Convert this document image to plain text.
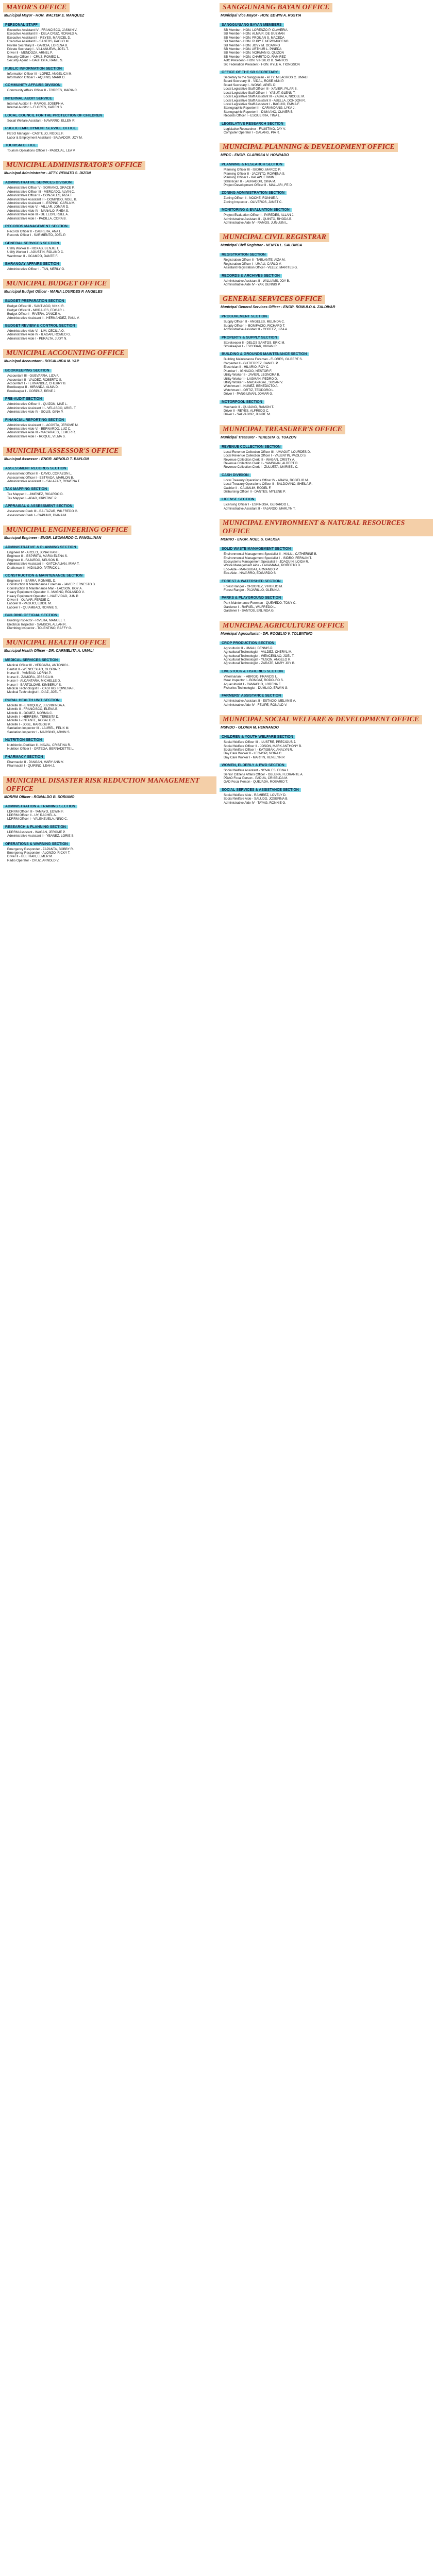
MAYOR'S OFFICE
Municipal Mayor - HON. WALTER E. MARQUEZ
PERSONAL STAFF
Executive Assistant IV - FRANCISCO, JASMIN V.
Executive Assistant III - DELA CRUZ, RONALD A.
Executive Assistant II - REYES, MARICEL D.
Executive Assistant I - SANTOS, PAOLO M.
Private Secretary II - GARCIA, LORENA B.
Private Secretary I - VILLANUEVA, JOEL T.
Driver II - MENDOZA, ARNEL P.
Security Officer I - CRUZ, ROMEO L.
Security Agent I - BAUTISTA, RAMIL S.
PUBLIC INFORMATION SECTION
Information Officer III - LOPEZ, ANGELICA M.
Information Officer I - AQUINO, MARK D.
COMMUNITY AFFAIRS DIVISION
Community Affairs Officer II - TORRES, MARIA C.
INTERNAL AUDIT SERVICE
Internal Auditor II - RAMOS, JOSEPH A.
Internal Auditor I - FLORES, KAREN S.
LOCAL COUNCIL FOR THE PROTECTION OF CHILDREN
Social Welfare Assistant - NAVARRO, ELLEN R.
PUBLIC EMPLOYMENT SERVICE OFFICE
PESO Manager - CASTILLO, RODEL F.
Labor & Employment Assistant - SALVADOR, JOY M.
TOURISM OFFICE
Tourism Operations Officer I - PASCUAL, LEA V.
MUNICIPAL ADMINISTRATOR'S OFFICE
Municipal Administrator - ATTY. RENATO S. DIZON
ADMINISTRATIVE SERVICES DIVISION
Administrative Officer V - SORIANO, GRACE P.
Administrative Officer III - MERCADO, ALVIN C.
Administrative Officer II - GONZALES, RIZA T.
Administrative Assistant III - DOMINGO, NOEL B.
Administrative Assistant II - ESPINO, CARLA M.
Administrative Aide VI - VILLAR, JOMAR D.
Administrative Aide IV - MANALO, RHEA S.
Administrative Aide III - DE LEON, RUEL A.
Administrative Aide I - PADILLA, CORA B.
RECORDS MANAGEMENT SECTION
Records Officer II - CABRERA, ANA L.
Records Officer I - SARMIENTO, JOEL P.
GENERAL SERVICES SECTION
Utility Worker II - ROXAS, BENJIE T.
Utility Worker I - AGUSTIN, ROLAND C.
Watchman II - OCAMPO, DANTE F.
BARANGAY AFFAIRS SECTION
Administrative Officer I - TAN, MERLY G.
MUNICIPAL BUDGET OFFICE
Municipal Budget Officer - MARIA LOURDES P. ANGELES
BUDGET PREPARATION SECTION
Budget Officer III - SANTIAGO, NIKKI R.
Budget Officer II - MORALES, EDGAR L.
Budget Officer I - RIVERA, JANICE A.
Administrative Assistant II - HERNANDEZ, PAUL V.
BUDGET REVIEW & CONTROL SECTION
Administrative Aide VI - LIM, CECILIA O.
Administrative Aide IV - ILAGAN, ROMEO G.
Administrative Aide I - PERALTA, JUDY N.
MUNICIPAL ACCOUNTING OFFICE
Municipal Accountant - ROSALINDA M. YAP
BOOKKEEPING SECTION
Accountant III - GUEVARRA, LIZA F.
Accountant II - VALDEZ, ROBERTO S.
Accountant I - FERNANDEZ, CHERRY B.
Bookkeeper II - MIRANDA, ALMA D.
Bookkeeper I - CORPUZ, RENE J.
PRE-AUDIT SECTION
Administrative Officer II - QUIZON, MAE L.
Administrative Assistant III - VELASCO, ARIEL T.
Administrative Aide IV - SOLIS, GINA P.
FINANCIAL REPORTING SECTION
Administrative Assistant II - ACOSTA, JEROME M.
Administrative Aide VI - BERNARDO, LUZ C.
Administrative Aide III - MACARAEG, ELMER R.
Administrative Aide I - ROQUE, VILMA S.
MUNICIPAL ASSESSOR'S OFFICE
Municipal Assessor - ENGR. ARNOLD T. BAYLON
ASSESSMENT RECORDS SECTION
Assessment Officer III - DAVID, CORAZON L.
Assessment Officer I - ESTRADA, MARLON B.
Administrative Assistant II - SALAZAR, ROWENA T.
TAX MAPPING SECTION
Tax Mapper II - JIMENEZ, RICARDO D.
Tax Mapper I - ABAD, KRISTINE P.
APPRAISAL & ASSESSMENT SECTION
Assessment Clerk III - BALTAZAR, WILFREDO G.
Assessment Clerk I - CAPUNO, DIANA M.
MUNICIPAL ENGINEERING OFFICE
Municipal Engineer - ENGR. LEONARDO C. PANGILINAN
ADMINISTRATIVE & PLANNING SECTION
Engineer IV - ARCEO, JONATHAN F.
Engineer III - ESPIRITU, MARIA ELENA S.
Engineer II - FAJARDO, NELSON R.
Administrative Assistant II - GATCHALIAN, IRMA T.
Draftsman II - HIDALGO, PATRICK L.
CONSTRUCTION & MAINTENANCE SECTION
Engineer I - IBARRA, ROMMEL D.
Construction & Maintenance Foreman - JAVIER, ERNESTO B.
Construction & Maintenance Man - LACSON, BOY A.
Heavy Equipment Operator II - MAGNO, ROLANDO V.
Heavy Equipment Operator I - NATIVIDAD, JUN P.
Driver II - OLIVAR, FERDIE C.
Laborer II - PAGUIO, EDDIE M.
Laborer I - QUIAMBAO, RONNIE S.
BUILDING OFFICIAL SECTION
Building Inspector - RIVERA, MANUEL T.
Electrical Inspector - SAMSON, ALLAN R.
Plumbing Inspector - TOLENTINO, RAFFY G.
MUNICIPAL HEALTH OFFICE
Municipal Health Officer - DR. CARMELITA A. UMALI
MEDICAL SERVICES SECTION
Medical Officer III - VERGARA, ANTONIO L.
Dentist II - WENCESLAO, GLORIA R.
Nurse III - YAMBAO, LORNA P.
Nurse II - ZAMORA, JESSICA M.
Nurse I - ALCANTARA, MICHELLE D.
Nurse I - BARTOLOME, KIMBERLY S.
Medical Technologist II - CASTRO, ROWENA F.
Medical Technologist I - DIAZ, JOEL T.
RURAL HEALTH UNIT SECTION
Midwife III - ENRIQUEZ, LUZVIMINDA A.
Midwife II - FRANCISCO, ELENA B.
Midwife II - GOMEZ, NORMA C.
Midwife I - HERRERA, TERESITA D.
Midwife I - INFANTE, ROSALIE G.
Midwife I - JOSE, MARILOU P.
Sanitation Inspector III - LAUREL, FELIX M.
Sanitation Inspector I - MAGSINO, ARVIN S.
NUTRITION SECTION
Nutritionist-Dietitian II - NAVAL, CRISTINA R.
Nutrition Officer I - ORTEGA, BERNADETTE L.
PHARMACY SECTION
Pharmacist II - PANGAN, MARY ANN V.
Pharmacist I - QUIRINO, LEAH J.
MUNICIPAL DISASTER RISK REDUCTION MANAGEMENT OFFICE
MDRRM Officer - RONALDO B. SORIANO
ADMINISTRATION & TRAINING SECTION
LDRRM Officer III - TAMAYO, EDWIN F.
LDRRM Officer II - UY, RACHEL A.
LDRRM Officer I - VALENZUELA, NIÑO C.
RESEARCH & PLANNING SECTION
LDRRM Assistant - WAGAN, JEROME P.
Administrative Assistant II - YBAÑEZ, LORIE S.
OPERATIONS & WARNING SECTION
Emergency Responder - ZAPANTA, BOBBY R.
Emergency Responder - ALONZO, RICKY T.
Driver II - BELTRAN, ELMER M.
Radio Operator - CRUZ, ARNOLD V.
SANGGUNIANG BAYAN OFFICE
Municipal Vice Mayor - HON. EDWIN A. RUSTIA
SANGGUNIANG BAYAN MEMBERS
SB Member - HON. LORENZO P. CLAVERIA
SB Member - HON. ALMA R. DE GUZMAN
SB Member - HON. FROILAN S. MACEDA
SB Member - HON. RUBY T. NEPOMUCENO
SB Member - HON. JOVY M. OCAMPO
SB Member - HON. ARTHUR L. PINEDA
SB Member - HON. NORMAN G. QUIZON
SB Member - HON. CHARITO D. RAMIREZ
ABC President - HON. VIRGILIO B. SANTOS
SK Federation President - HON. KYLE A. TIONGSON
OFFICE OF THE SB SECRETARY
Secretary to the Sanggunian - ATTY. MILAGROS C. UMALI
Board Secretary III - VIDAL, ROSE ANN P.
Board Secretary I - WONG, ARIEL D.
Local Legislative Staff Officer III - XAVIER, PILAR S.
Local Legislative Staff Officer I - YABUT, GLENN T.
Local Legislative Staff Assistant III - ZABALA, NICOLE M.
Local Legislative Staff Assistant II - ABELLA, DONDON R.
Local Legislative Staff Assistant I - BAGUIO, EMMA F.
Stenographic Reporter III - CARANDANG, LYKA J.
Stenographic Reporter II - DIMAANO, OLIVER B.
Records Officer I - ESGUERRA, TINA L.
LEGISLATIVE RESEARCH SECTION
Legislative Researcher - FAUSTINO, JAY V.
Computer Operator I - GALANG, PIA R.
MUNICIPAL PLANNING & DEVELOPMENT OFFICE
MPDC - ENGR. CLARISSA V. HONRADO
PLANNING & RESEARCH SECTION
Planning Officer III - ISIDRO, MARCO P.
Planning Officer II - JACINTO, ROWENA S.
Planning Officer I - KALAW, ERWIN T.
Statistician II - LABRADOR, GINA M.
Project Development Officer II - MALLARI, FE D.
ZONING ADMINISTRATION SECTION
Zoning Officer II - NOCHE, RONNIE A.
Zoning Inspector - OLIVEROS, JANET C.
MONITORING & EVALUATION SECTION
Project Evaluation Officer I - PAREDES, ALLAN J.
Administrative Assistant II - QUINTO, RHODA B.
Administrative Aide IV - RAMOS, JUN-JUN L.
MUNICIPAL CIVIL REGISTRAR
Municipal Civil Registrar - NENITA L. SALONGA
REGISTRATION SECTION
Registration Officer II - TABLANTE, AIZA M.
Registration Officer I - UMALI, CARLO V.
Assistant Registration Officer - VELEZ, MARITES G.
RECORDS & ARCHIVES SECTION
Administrative Assistant II - WILLIAMS, JOY B.
Administrative Aide IV - YAP, DENNIS P.
GENERAL SERVICES OFFICE
Municipal General Services Officer - ENGR. ROMULO A. ZALDIVAR
PROCUREMENT SECTION
Supply Officer III - ANGELES, MELINDA C.
Supply Officer I - BONIFACIO, RICHARD T.
Administrative Assistant II - CORTEZ, LIZA A.
PROPERTY & SUPPLY SECTION
Storekeeper II - DELOS SANTOS, ERIC M.
Storekeeper I - ESCOBAR, VIVIAN R.
BUILDING & GROUNDS MAINTENANCE SECTION
Building Maintenance Foreman - FLORES, GILBERT S.
Carpenter II - GUTIERREZ, DANIEL P.
Electrician II - HILARIO, ROY C.
Plumber I - IGNACIO, NESTOR F.
Utility Worker II - JAVIER, LEONORA B.
Utility Worker I - LAGMAN, PEDRO D.
Utility Worker I - MACAPAGAL, SUSAN V.
Watchman I - NUÑEZ, BENEDICTO A.
Watchman I - ORTIZ, TEODORO L.
Driver I - PANGILINAN, JOMAR G.
MOTORPOOL SECTION
Mechanic II - QUIJANO, RAMON T.
Driver II - REYES, ALFREDO C.
Driver I - SALVADOR, JUNJIE M.
MUNICIPAL TREASURER'S OFFICE
Municipal Treasurer - TERESITA G. TUAZON
REVENUE COLLECTION SECTION
Local Revenue Collection Officer III - UMAGAT, LOURDES D.
Local Revenue Collection Officer I - VALENTIN, PAOLO S.
Revenue Collection Clerk III - WAGAN, CRISTY A.
Revenue Collection Clerk II - YAMSUAN, ALBERT B.
Revenue Collection Clerk I - ZULUETA, MARIBEL C.
CASH DIVISION
Local Treasury Operations Officer IV - ABAYA, ROGELIO M.
Local Treasury Operations Officer II - BALDOVINO, SHEILA R.
Cashier II - CALIMLIM, RODEL F.
Disbursing Officer II - DANTES, MYLENE P.
LICENSE SECTION
Licensing Officer I - ESPINOSA, GERARDO L.
Administrative Assistant II - FAJARDO, MARLYN T.
MUNICIPAL ENVIRONMENT & NATURAL RESOURCES OFFICE
MENRO - ENGR. NOEL S. GALICIA
SOLID WASTE MANAGEMENT SECTION
Environmental Management Specialist II - HALILI, CATHERINE B.
Environmental Management Specialist I - ISIDRO, FERNAN T.
Ecosystems Management Specialist I - JOAQUIN, LOIDA R.
Waste Management Aide - LAXAMANA, ROBERTO D.
Eco-Aide - MANGUBAT, ARMANDO P.
Eco-Aide - NAVARRO, EDGARDO S.
FOREST & WATERSHED SECTION
Forest Ranger - ORDOÑEZ, VIRGILIO M.
Forest Ranger - PAJARILLO, GLENN A.
PARKS & PLAYGROUND SECTION
Park Maintenance Foreman - QUEVEDO, TONY C.
Gardener I - RAFAEL, WILFREDO L.
Gardener I - SANTOS, ERLINDA G.
MUNICIPAL AGRICULTURE OFFICE
Municipal Agriculturist - DR. ROGELIO V. TOLENTINO
CROP PRODUCTION SECTION
Agriculturist II - UMALI, DENNIS P.
Agricultural Technologist - VALDEZ, CHERYL M.
Agricultural Technologist - WENCESLAO, JOEL T.
Agricultural Technologist - YUSON, ANGELO R.
Agricultural Technologist - ZARATE, MARY JOY B.
LIVESTOCK & FISHERIES SECTION
Veterinarian II - ABRIGO, FRANCIS L.
Meat Inspector I - BONGAT, RODOLFO S.
Aquaculturist I - CAMACHO, LORENA F.
Fisheries Technologist - DUMLAO, ERWIN G.
FARMERS' ASSISTANCE SECTION
Administrative Assistant II - ESTACIO, MELANIE A.
Administrative Aide IV - FELIPE, RONALD V.
MUNICIPAL SOCIAL WELFARE & DEVELOPMENT OFFICE
MSWDO - GLORIA M. HERNANDO
CHILDREN & YOUTH WELFARE SECTION
Social Welfare Officer III - ILUSTRE, PRECIOUS J.
Social Welfare Officer II - JOSON, MARK ANTHONY B.
Social Welfare Officer I - KATIGBAK, ANALYN R.
Day Care Worker II - LEGASPI, NORA C.
Day Care Worker I - MARTIN, RENELYN P.
WOMEN, ELDERLY & PWD SECTION
Social Welfare Assistant - NOVALES, EDNA L.
Senior Citizens Affairs Officer - OBLENA, FLORANTE A.
PDAO Focal Person - PADUA, CRISELDA M.
GAD Focal Person - QUEJADA, ROSARIO T.
SOCIAL SERVICES & ASSISTANCE SECTION
Social Welfare Aide - RAMIREZ, LOVELY D.
Social Welfare Aide - SALUDO, JOSEFINA B.
Administrative Aide IV - TAYAG, RONNIE G.
